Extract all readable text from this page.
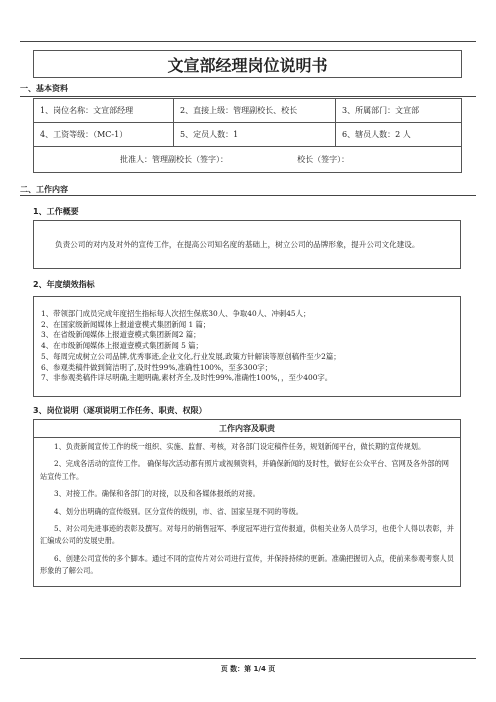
文宣部经理岗位说明书
一、基本资料
1、岗位名称：文宣部经理	2、直接上级：管理副校长、校长	3、所属部门：文宣部
4、工资等级：（MC-1）	5、定员人数：1	6、辖员人数：2 人
批准人：管理副校长（签字）： 校长（签字）：		
二、工作内容
1、工作概要
负责公司的对内及对外的宣传工作，在提高公司知名度的基础上，树立公司的品牌形象，提升公司文化建设。
2、年度绩效指标
1、带领部门成员完成年度招生指标每人次招生保底30人、争取40人、冲刺45人；
2、在国家级新闻媒体上报道壹模式集团新闻 1 篇；
3、在省级新闻媒体上报道壹模式集团新闻2 篇；
4、在市级新闻媒体上报道壹模式集团新闻 5 篇；
5、每周完成树立公司品牌,优秀事迹,企业文化,行业发展,政策方针解读等原创稿件至少2篇；
6、参观类稿件做到简洁明了,及时性99%,准确性100%，至多300字；
7、非参观类稿件详尽明确,主题明确,素材齐全,及时性99%,准确性100%，，至少400字。
3、岗位说明（逐项说明工作任务、职责、权限）
工作内容及职责

1、负责新闻宣传工作的统一组织、实施、监督、考核，对各部门设定稿件任务，规划新闻平台，做长期的宣传规划。

2、完成各活动的宣传工作。 确保每次活动都有照片或视频资料，并确保新闻的及时性，做好在公众平台、官网及各外部的网站宣传工作。

3、对接工作。确保和各部门的对接，以及和各媒体报纸的对接。

4、划分出明确的宣传级别。区分宣传的级别，市、省、国家呈现不同的等级。

5、对公司先进事迹的表彰及撰写。对每月的销售冠军、季度冠军进行宣传报道，供相关业务人员学习，也使个人得以表彰，并汇编成公司的发展史册。

6、创建公司宣传的多个脚本。通过不同的宣传片对公司进行宣传，并保持持续的更新。准确把握切入点，使前来参观考察人员形象的了解公司。

页 数：第 1/4 页
